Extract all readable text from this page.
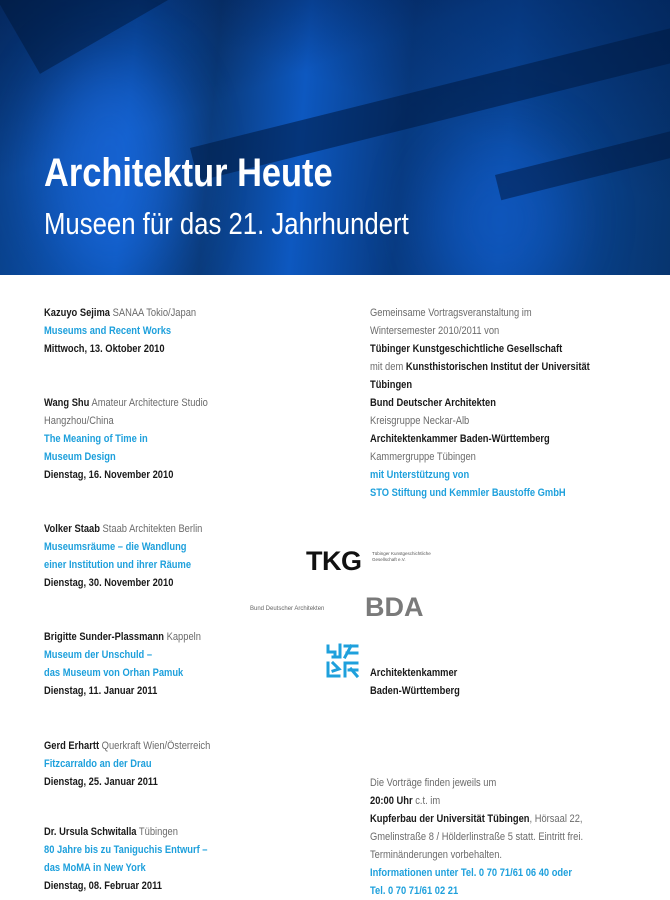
Architektur Heute
Museen für das 21. Jahrhundert
Kazuyo Sejima SANAA Tokio/Japan
Museums and Recent Works
Mittwoch, 13. Oktober 2010
Wang Shu Amateur Architecture Studio
Hangzhou/China
The Meaning of Time in
Museum Design
Dienstag, 16. November 2010
Volker Staab Staab Architekten Berlin
Museumsräume – die Wandlung
einer Institution und ihrer Räume
Dienstag, 30. November 2010
Brigitte Sunder-Plassmann Kappeln
Museum der Unschuld –
das Museum von Orhan Pamuk
Dienstag, 11. Januar 2011
Gerd Erhartt Querkraft Wien/Österreich
Fitzcarraldo an der Drau
Dienstag, 25. Januar 2011
Dr. Ursula Schwitalla Tübingen
80 Jahre bis zu Taniguchis Entwurf –
das MoMA in New York
Dienstag, 08. Februar 2011
Gemeinsame Vortragsveranstaltung im
Wintersemester 2010/2011 von
Tübinger Kunstgeschichtliche Gesellschaft
mit dem Kunsthistorischen Institut der Universität
Tübingen
Bund Deutscher Architekten
Kreisgruppe Neckar-Alb
Architektenkammer Baden-Württemberg
Kammergruppe Tübingen
mit Unterstützung von
STO Stiftung und Kemmler Baustoffe GmbH
TKG Tübinger Kunstgeschichtliche Gesellschaft e.V.
Bund Deutscher Architekten BDA
Architektenkammer
Baden-Württemberg
Die Vorträge finden jeweils um
20:00 Uhr c.t. im
Kupferbau der Universität Tübingen, Hörsaal 22,
Gmelinstraße 8 / Hölderlinstraße 5 statt. Eintritt frei.
Terminänderungen vorbehalten.
Informationen unter Tel. 0 70 71/61 06 40 oder
Tel. 0 70 71/61 02 21
